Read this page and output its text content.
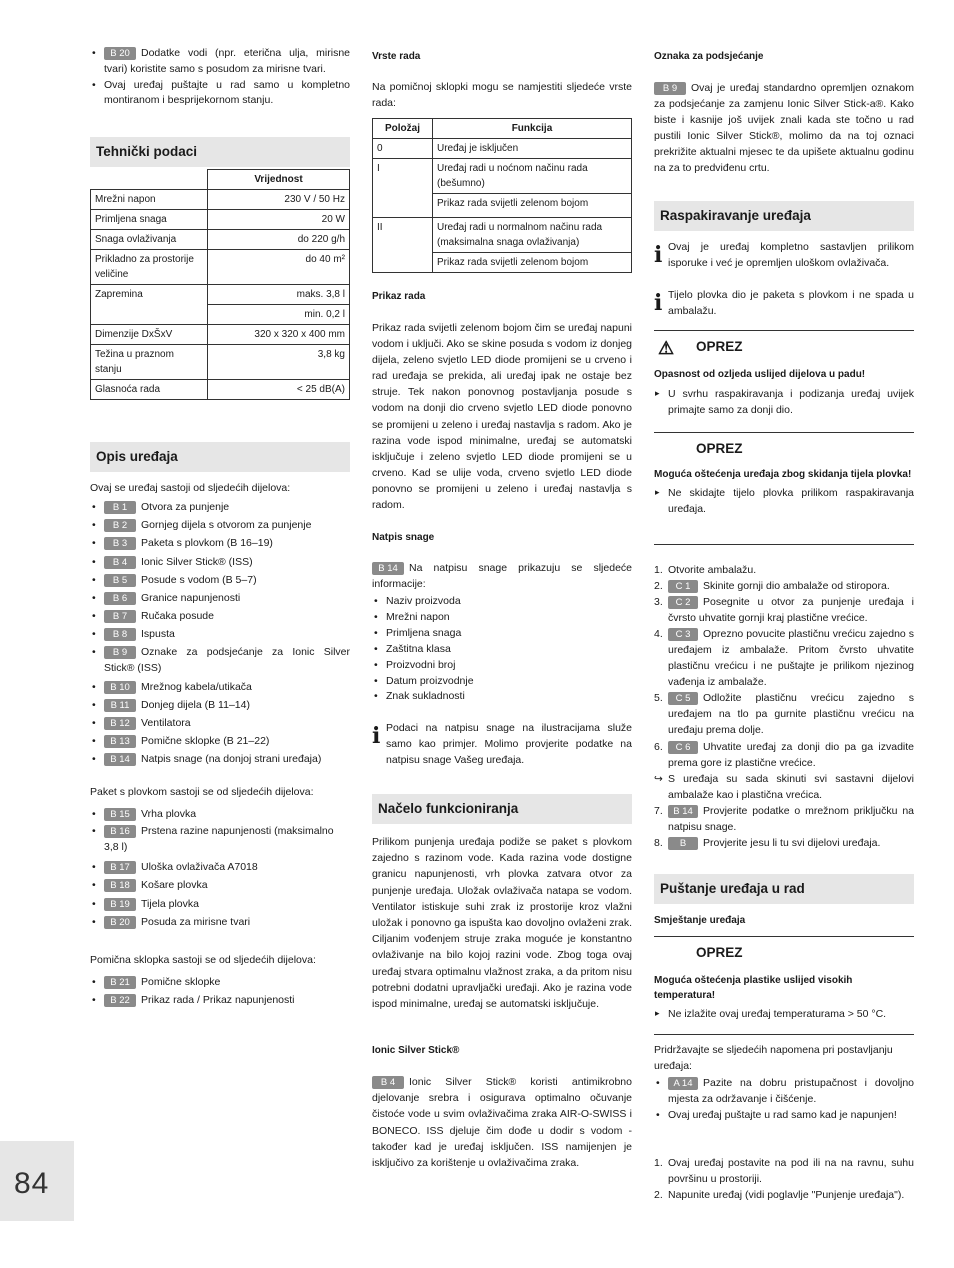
• B 20 Dodatke vodi (npr. eterična ulja, mirisne tvari) koristite samo s posudom za mirisne tvari.

• Ovaj uređaj puštajte u rad samo u kompletno montiranom i besprijekornom stanju.

Tehnički podaci
	Vrijednost
Mrežni napon	230 V / 50 Hz
Primljena snaga	20 W
Snaga ovlaživanja	do 220 g/h
Prikladno za prostorije veličine	do 40 m²
Zapremina	maks. 3,8 l
	min. 0,2 l
Dimenzije DxŠxV	320 x 320 x 400 mm
Težina u praznom stanju	3,8 kg
Glasnoća rada	< 25 dB(A)
Opis uređaja

Ovaj se uređaj sastoji od sljedećih dijelova:

• B 1 Otvora za punjenje
• B 2 Gornjeg dijela s otvorom za punjenje
• B 3 Paketa s plovkom (B 16–19)
• B 4 Ionic Silver Stick® (ISS)
• B 5 Posude s vodom (B 5–7)
• B 6 Granice napunjenosti
• B 7 Ručaka posude
• B 8 Ispusta

• B 9 Oznake za podsjećanje za Ionic Silver Stick® (ISS)

• B 10 Mrežnog kabela/utikača
• B 11 Donjeg dijela (B 11–14)
• B 12 Ventilatora
• B 13 Pomične sklopke (B 21–22)
• B 14 Natpis snage (na donjoj strani uređaja)

Paket s plovkom sastoji se od sljedećih dijelova:

• B 15 Vrha plovka
• B 16 Prstena razine napunjenosti (maksimalno 3,8 l)
• B 17 Uloška ovlaživača A7018
• B 18 Košare plovka
• B 19 Tijela plovka
• B 20 Posuda za mirisne tvari

Pomična sklopka sastoji se od sljedećih dijelova:

• B 21 Pomične sklopke
• B 22 Prikaz rada / Prikaz napunjenosti
Vrste rada

Na pomičnoj sklopki mogu se namjestiti sljedeće vrste rada:

Položaj	Funkcija
0	Uređaj je isključen
I	Uređaj radi u noćnom načinu rada (bešumno)
	Prikaz rada svijetli zelenom bojom
II	Uređaj radi u normalnom načinu rada (maksimalna snaga ovlaživanja)
	Prikaz rada svijetli zelenom bojom
Prikaz rada

Prikaz rada svijetli zelenom bojom čim se uređaj napuni vodom i uključi. Ako se skine posuda s vodom iz donjeg dijela, zeleno svjetlo LED diode promijeni se u crveno i rad uređaja se prekida, ali uređaj ipak ne ostaje bez struje. Tek nakon ponovnog postavljanja posude s vodom na donji dio crveno svjetlo LED diode ponovno se promijeni u zeleno i uređaj nastavlja s radom. Ako je razina vode ispod minimalne, uređaj se automatski isključuje i zeleno svjetlo LED diode promijeni se u crveno. Kad se ulije voda, crveno svjetlo LED diode ponovno se promijeni u zeleno i uređaj nastavlja s radom.

Natpis snage

B 14 Na natpisu snage prikazuju se sljedeće informacije:

• Naziv proizvoda
• Mrežni napon
• Primljena snaga
• Zaštitna klasa
• Proizvodni broj
• Datum proizvodnje
• Znak sukladnosti
i Podaci na natpisu snage na ilustracijama služe samo kao primjer. Molimo provjerite podatke na natpisu snage Vašeg uređaja.

Načelo funkcioniranja

Prilikom punjenja uređaja podiže se paket s plovkom zajedno s razinom vode. Kada razina vode dostigne granicu napunjenosti, vrh plovka zatvara otvor za punjenje uređaja. Uložak ovlaživača natapa se vodom. Ventilator istiskuje suhi zrak iz prostorije kroz vlažni uložak i ponovno ga ispušta kao dovoljno ovlaženi zrak. Ciljanim vođenjem struje zraka moguće je konstantno ovlaživanje na bilo kojoj razini vode. Zbog toga ovaj uređaj stvara optimalnu vlažnost zraka, a da pritom nisu potrebni dodatni upravljački uređaji. Ako je razina vode ispod minimalne, uređaj se automatski isključuje.

Ionic Silver Stick®

B 4 Ionic Silver Stick® koristi antimikrobno djelovanje srebra i osigurava optimalno očuvanje čistoće vode u svim ovlaživačima zraka AIR-O-SWISS i BONECO. ISS djeluje čim dođe u dodir s vodom - također kad je uređaj isključen. ISS namijenjen je isključivo za korištenje u ovlaživačima zraka.

Oznaka za podsjećanje

B 9 Ovaj je uređaj standardno opremljen oznakom za podsjećanje za zamjenu Ionic Silver Stick-a®. Kako biste i kasnije još uvijek znali kada ste točno u rad pustili Ionic Silver Stick®, molimo da na toj oznaci prekrižite aktualni mjesec te da upišete aktualnu godinu na za to predviđenu crtu.

Raspakiravanje uređaja
i Ovaj je uređaj kompletno sastavljen prilikom isporuke i već je opremljen uloškom ovlaživača.

i Tijelo plovka dio je paketa s plovkom i ne spada u ambalažu.

⚠ OPREZ

Opasnost od ozljeda uslijed dijelova u padu!

▸ U svrhu raspakiravanja i podizanja uređaj uvijek primajte samo za donji dio.

OPREZ

Moguća oštećenja uređaja zbog skidanja tijela plovka!

▸ Ne skidajte tijelo plovka prilikom raspakiravanja uređaja.

1. Otvorite ambalažu.
2.	C 1 Skinite gornji dio ambalaže od stiropora.

3.	C 2 Posegnite u otvor za punjenje uređaja i čvrsto uhvatite gornji kraj plastične vrećice.

4.	C 3 Oprezno povucite plastičnu vrećicu zajedno s uređajem iz ambalaže. Pritom čvrsto uhvatite plastičnu vrećicu i ne puštajte je prilikom njezinog vađenja iz ambalaže.

5.	C 5 Odložite plastičnu vrećicu zajedno s uređajem na tlo pa gurnite plastičnu vrećicu na uređaju prema dolje.

6.	C 6 Uhvatite uređaj za donji dio pa ga izvadite prema gore iz plastične vrećice.

↪ S uređaja su sada skinuti svi sastavni dijelovi ambalaže kao i plastična vrećica.

7.	B 14 Provjerite podatke o mrežnom priključku na natpisu snage.

8. B Provjerite jesu li tu svi dijelovi uređaja.
Puštanje uređaja u rad
Smještanje uređaja
OPREZ

Moguća oštećenja plastike uslijed visokih temperatura!

▸ Ne izlažite ovaj uređaj temperaturama > 50 °C.

Pridržavajte se sljedećih napomena pri postavljanju uređaja:

• A 14 Pazite na dobru pristupačnost i dovoljno mjesta za održavanje i čišćenje.

• Ovaj uređaj puštajte u rad samo kad je napunjen!

1. Ovaj uređaj postavite na pod ili na na ravnu, suhu površinu u prostoriji.

2. Napunite uređaj (vidi poglavlje "Punjenje uređaja").

84
